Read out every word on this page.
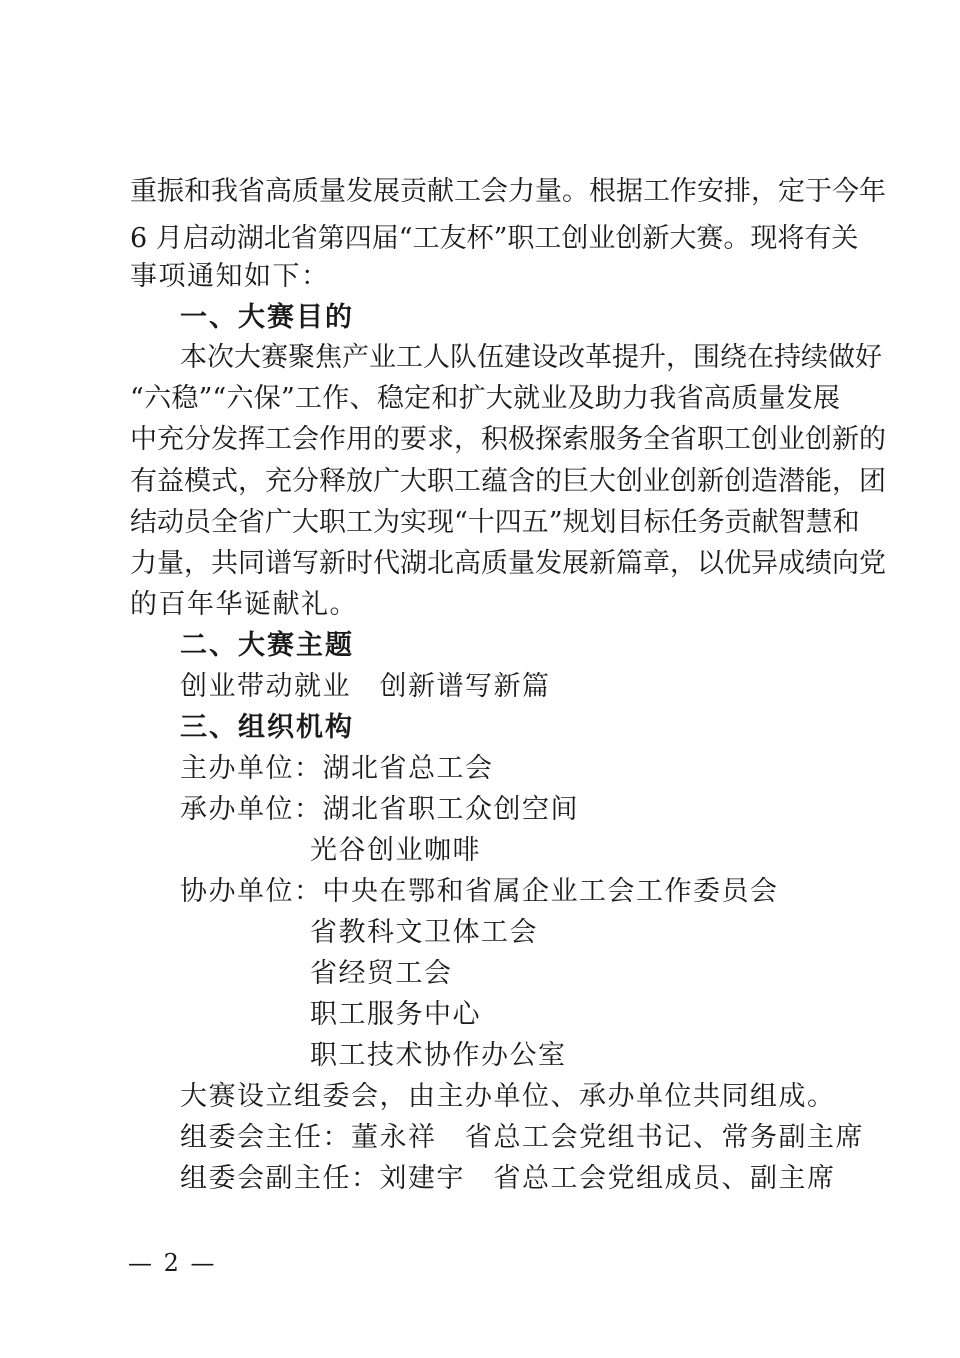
重振和我省高质量发展贡献工会力量。根据工作安排，定于今年
6 月启动湖北省第四届“工友杯”职工创业创新大赛。现将有关
事项通知如下：
一、大赛目的
本次大赛聚焦产业工人队伍建设改革提升，围绕在持续做好
“六稳”“六保”工作、稳定和扩大就业及助力我省高质量发展
中充分发挥工会作用的要求，积极探索服务全省职工创业创新的
有益模式，充分释放广大职工蕴含的巨大创业创新创造潜能，团
结动员全省广大职工为实现“十四五”规划目标任务贡献智慧和
力量，共同谱写新时代湖北高质量发展新篇章，以优异成绩向党
的百年华诞献礼。
二、大赛主题
创业带动就业　创新谱写新篇
三、组织机构
主办单位：湖北省总工会
承办单位：湖北省职工众创空间
光谷创业咖啡
协办单位：中央在鄂和省属企业工会工作委员会
省教科文卫体工会
省经贸工会
职工服务中心
职工技术协作办公室
大赛设立组委会，由主办单位、承办单位共同组成。
组委会主任：董永祥　省总工会党组书记、常务副主席
组委会副主任：刘建宇　省总工会党组成员、副主席
— 2 —
